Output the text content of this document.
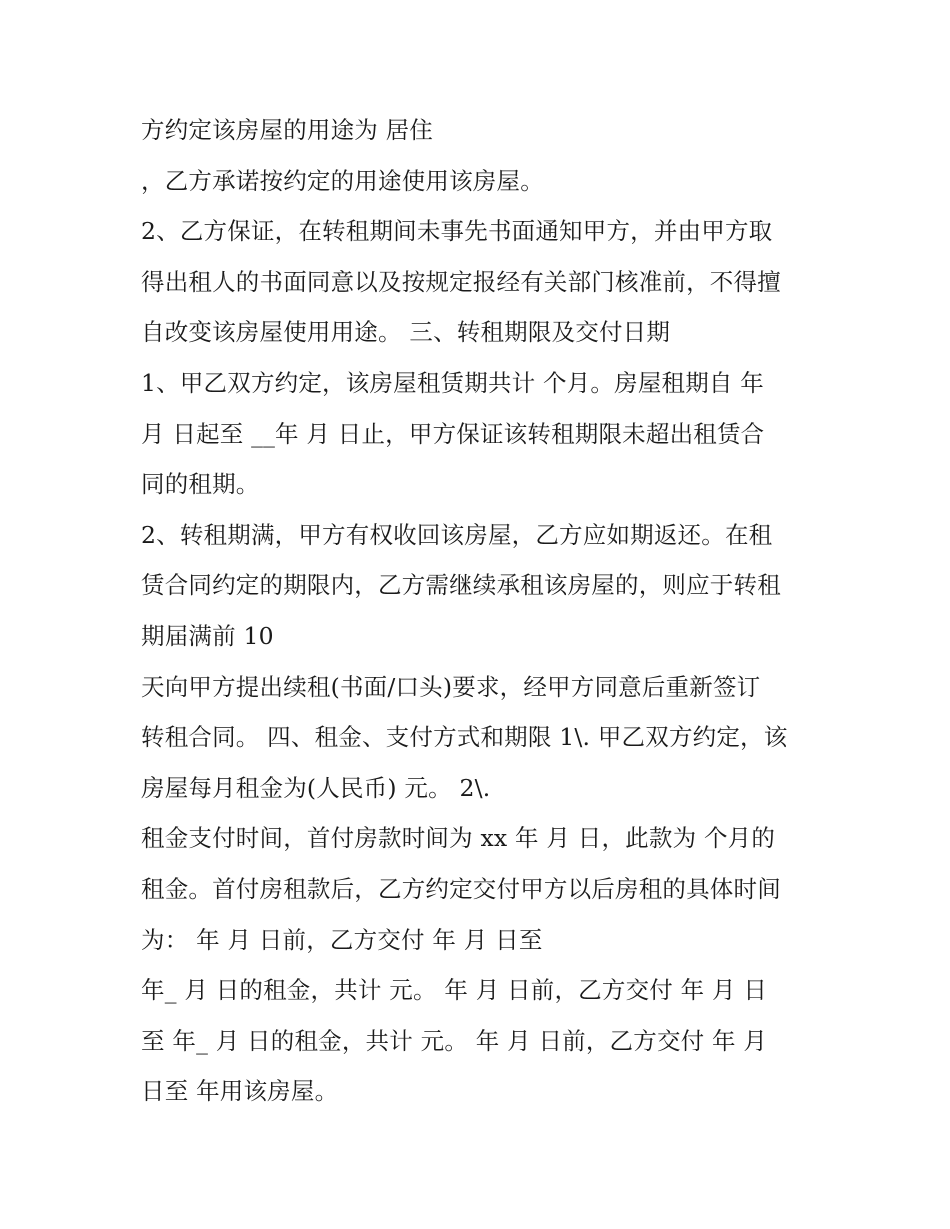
方约定该房屋的用途为 居住
，乙方承诺按约定的用途使用该房屋。
2、乙方保证，在转租期间未事先书面通知甲方，并由甲方取
得出租人的书面同意以及按规定报经有关部门核准前，不得擅
自改变该房屋使用用途。 三、转租期限及交付日期
1、甲乙双方约定，该房屋租赁期共计 个月。房屋租期自 年
月 日起至 __年 月 日止，甲方保证该转租期限未超出租赁合
同的租期。
2、转租期满，甲方有权收回该房屋，乙方应如期返还。在租
赁合同约定的期限内，乙方需继续承租该房屋的，则应于转租
期届满前 10
天向甲方提出续租(书面/口头)要求，经甲方同意后重新签订
转租合同。 四、租金、支付方式和期限 1\. 甲乙双方约定，该
房屋每月租金为(人民币) 元。 2\.
租金支付时间，首付房款时间为 xx 年 月 日，此款为 个月的
租金。首付房租款后，乙方约定交付甲方以后房租的具体时间
为： 年 月 日前，乙方交付 年 月 日至
年_ 月 日的租金，共计 元。 年 月 日前，乙方交付 年 月 日
至 年_ 月 日的租金，共计 元。 年 月 日前，乙方交付 年 月
日至 年用该房屋。
